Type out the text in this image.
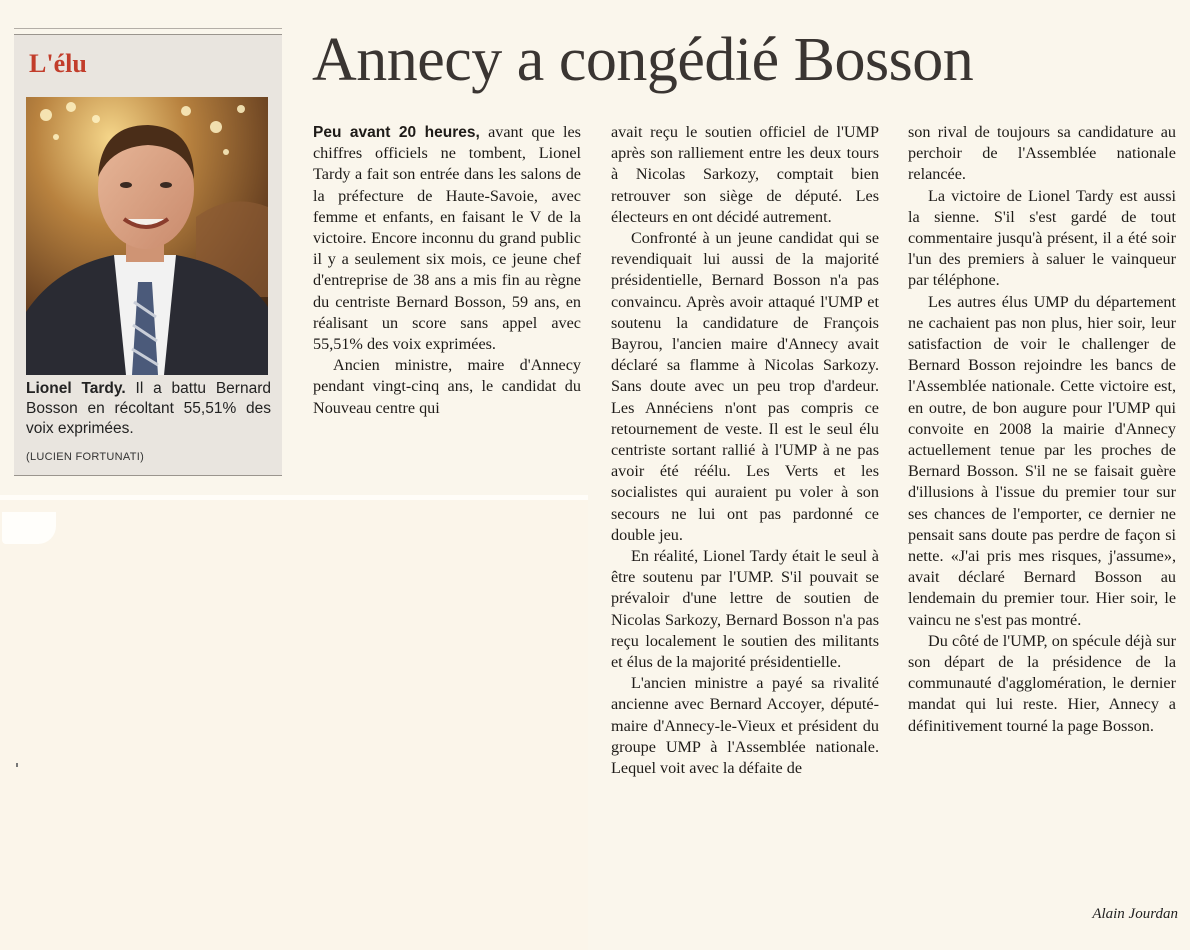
L'élu
Lionel Tardy. Il a battu Bernard Bosson en récoltant 55,51% des voix exprimées.
(LUCIEN FORTUNATI)
Annecy a congédié Bosson

Peu avant 20 heures, avant que les chiffres officiels ne tombent, Lionel Tardy a fait son entrée dans les salons de la préfecture de Haute-Savoie, avec femme et enfants, en faisant le V de la victoire. Encore inconnu du grand public il y a seulement six mois, ce jeune chef d'entreprise de 38 ans a mis fin au règne du centriste Bernard Bosson, 59 ans, en réalisant un score sans appel avec 55,51% des voix exprimées.

Ancien ministre, maire d'Annecy pendant vingt-cinq ans, le candidat du Nouveau centre qui

avait reçu le soutien officiel de l'UMP après son ralliement entre les deux tours à Nicolas Sarkozy, comptait bien retrouver son siège de député. Les électeurs en ont décidé autrement.

Confronté à un jeune candidat qui se revendiquait lui aussi de la majorité présidentielle, Bernard Bosson n'a pas convaincu. Après avoir attaqué l'UMP et soutenu la candidature de François Bayrou, l'ancien maire d'Annecy avait déclaré sa flamme à Nicolas Sarkozy. Sans doute avec un peu trop d'ardeur. Les Annéciens n'ont pas compris ce retournement de veste. Il est le seul élu centriste sortant rallié à l'UMP à ne pas avoir été réélu. Les Verts et les socialistes qui auraient pu voler à son secours ne lui ont pas pardonné ce double jeu.

En réalité, Lionel Tardy était le seul à être soutenu par l'UMP. S'il pouvait se prévaloir d'une lettre de soutien de Nicolas Sarkozy, Bernard Bosson n'a pas reçu localement le soutien des militants et élus de la majorité présidentielle.

L'ancien ministre a payé sa rivalité ancienne avec Bernard Accoyer, député-maire d'Annecy-le-Vieux et président du groupe UMP à l'Assemblée nationale. Lequel voit avec la défaite de

son rival de toujours sa candidature au perchoir de l'Assemblée nationale relancée.

La victoire de Lionel Tardy est aussi la sienne. S'il s'est gardé de tout commentaire jusqu'à présent, il a été soir l'un des premiers à saluer le vainqueur par téléphone.

Les autres élus UMP du département ne cachaient pas non plus, hier soir, leur satisfaction de voir le challenger de Bernard Bosson rejoindre les bancs de l'Assemblée nationale. Cette victoire est, en outre, de bon augure pour l'UMP qui convoite en 2008 la mairie d'Annecy actuellement tenue par les proches de Bernard Bosson. S'il ne se faisait guère d'illusions à l'issue du premier tour sur ses chances de l'emporter, ce dernier ne pensait sans doute pas perdre de façon si nette. «J'ai pris mes risques, j'assume», avait déclaré Bernard Bosson au lendemain du premier tour. Hier soir, le vaincu ne s'est pas montré.

Du côté de l'UMP, on spécule déjà sur son départ de la présidence de la communauté d'agglomération, le dernier mandat qui lui reste. Hier, Annecy a définitivement tourné la page Bosson.

Alain Jourdan
